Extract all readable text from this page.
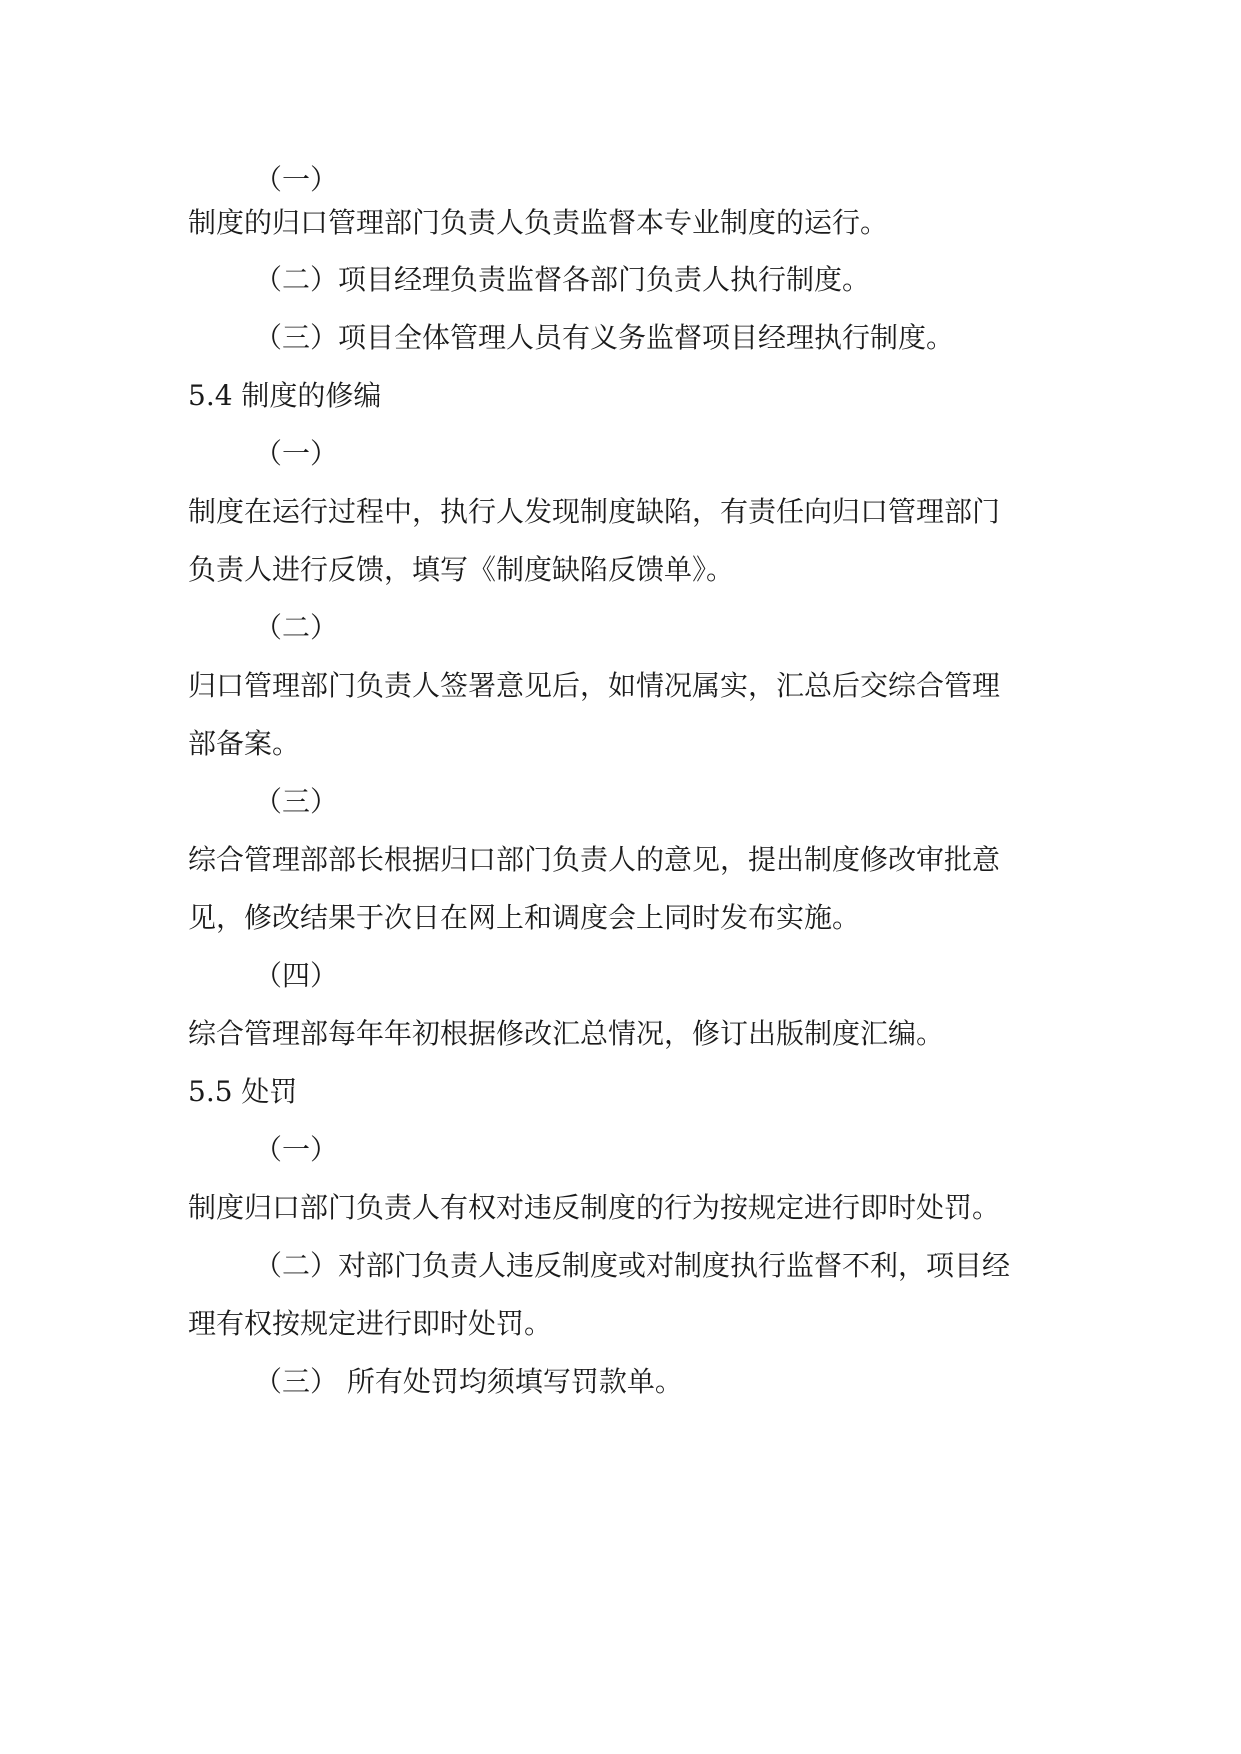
（一）
制度的归口管理部门负责人负责监督本专业制度的运行。
（二）项目经理负责监督各部门负责人执行制度。
（三）项目全体管理人员有义务监督项目经理执行制度。
5.4 制度的修编
（一）
制度在运行过程中，执行人发现制度缺陷，有责任向归口管理部门
负责人进行反馈，填写《制度缺陷反馈单》。
（二）
归口管理部门负责人签署意见后，如情况属实，汇总后交综合管理
部备案。
（三）
综合管理部部长根据归口部门负责人的意见，提出制度修改审批意
见，修改结果于次日在网上和调度会上同时发布实施。
（四）
综合管理部每年年初根据修改汇总情况，修订出版制度汇编。
5.5 处罚
（一）
制度归口部门负责人有权对违反制度的行为按规定进行即时处罚。
（二）对部门负责人违反制度或对制度执行监督不利，项目经
理有权按规定进行即时处罚。
（三） 所有处罚均须填写罚款单。
